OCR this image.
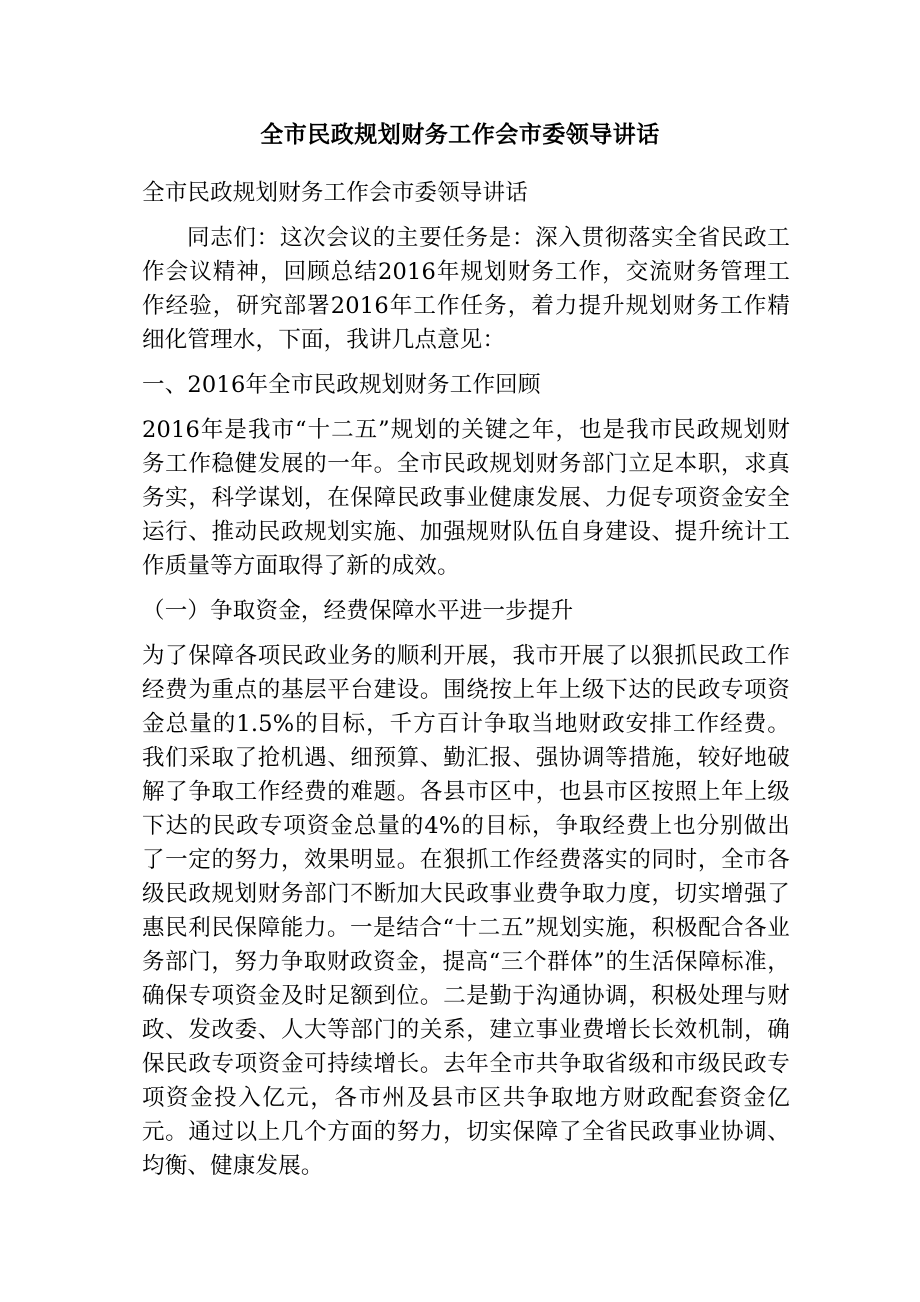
全市民政规划财务工作会市委领导讲话

全市民政规划财务工作会市委领导讲话

同志们：这次会议的主要任务是：深入贯彻落实全省民政工作会议精神，回顾总结2016年规划财务工作，交流财务管理工作经验，研究部署2016年工作任务，着力提升规划财务工作精细化管理水，下面，我讲几点意见：

一、2016年全市民政规划财务工作回顾

2016年是我市“十二五”规划的关键之年，也是我市民政规划财务工作稳健发展的一年。全市民政规划财务部门立足本职，求真务实，科学谋划，在保障民政事业健康发展、力促专项资金安全运行、推动民政规划实施、加强规财队伍自身建设、提升统计工作质量等方面取得了新的成效。

（一）争取资金，经费保障水平进一步提升

为了保障各项民政业务的顺利开展，我市开展了以狠抓民政工作经费为重点的基层平台建设。围绕按上年上级下达的民政专项资金总量的1.5%的目标，千方百计争取当地财政安排工作经费。我们采取了抢机遇、细预算、勤汇报、强协调等措施，较好地破解了争取工作经费的难题。各县市区中，也县市区按照上年上级下达的民政专项资金总量的4%的目标，争取经费上也分别做出了一定的努力，效果明显。在狠抓工作经费落实的同时，全市各级民政规划财务部门不断加大民政事业费争取力度，切实增强了惠民利民保障能力。一是结合“十二五”规划实施，积极配合各业务部门，努力争取财政资金，提高“三个群体”的生活保障标准，确保专项资金及时足额到位。二是勤于沟通协调，积极处理与财政、发改委、人大等部门的关系，建立事业费增长长效机制，确保民政专项资金可持续增长。去年全市共争取省级和市级民政专项资金投入亿元，各市州及县市区共争取地方财政配套资金亿元。通过以上几个方面的努力，切实保障了全省民政事业协调、均衡、健康发展。
